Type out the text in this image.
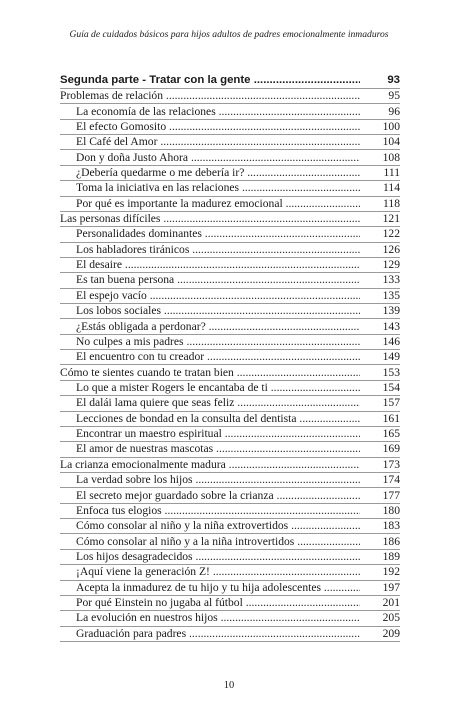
Guía de cuidados básicos para hijos adultos de padres emocionalmente inmaduros
Segunda parte - Tratar con la gente .....	93

Problemas de relación .....	95

La economía de las relaciones .....	96

El efecto Gomosito .....	100

El Café del Amor .....	104

Don y doña Justo Ahora .....	108

¿Debería quedarme o me debería ir? .....	111

Toma la iniciativa en las relaciones .....	114

Por qué es importante la madurez emocional .....	118

Las personas difíciles .....	121

Personalidades dominantes .....	122

Los habladores tiránicos .....	126

El desaire .....	129

Es tan buena persona .....	133

El espejo vacío .....	135

Los lobos sociales .....	139

¿Estás obligada a perdonar? .....	143

No culpes a mis padres .....	146

El encuentro con tu creador .....	149

Cómo te sientes cuando te tratan bien .....	153

Lo que a mister Rogers le encantaba de ti .....	154

El dalái lama quiere que seas feliz .....	157

Lecciones de bondad en la consulta del dentista .....	161

Encontrar un maestro espiritual .....	165

El amor de nuestras mascotas .....	169

La crianza emocionalmente madura .....	173

La verdad sobre los hijos .....	174

El secreto mejor guardado sobre la crianza .....	177

Enfoca tus elogios .....	180

Cómo consolar al niño y la niña extrovertidos .....	183

Cómo consolar al niño y a la niña introvertidos .....	186

Los hijos desagradecidos .....	189

¡Aquí viene la generación Z! .....	192

Acepta la inmadurez de tu hijo y tu hija adolescentes .....	197

Por qué Einstein no jugaba al fútbol .....	201

La evolución en nuestros hijos .....	205

Graduación para padres .....	209
10
